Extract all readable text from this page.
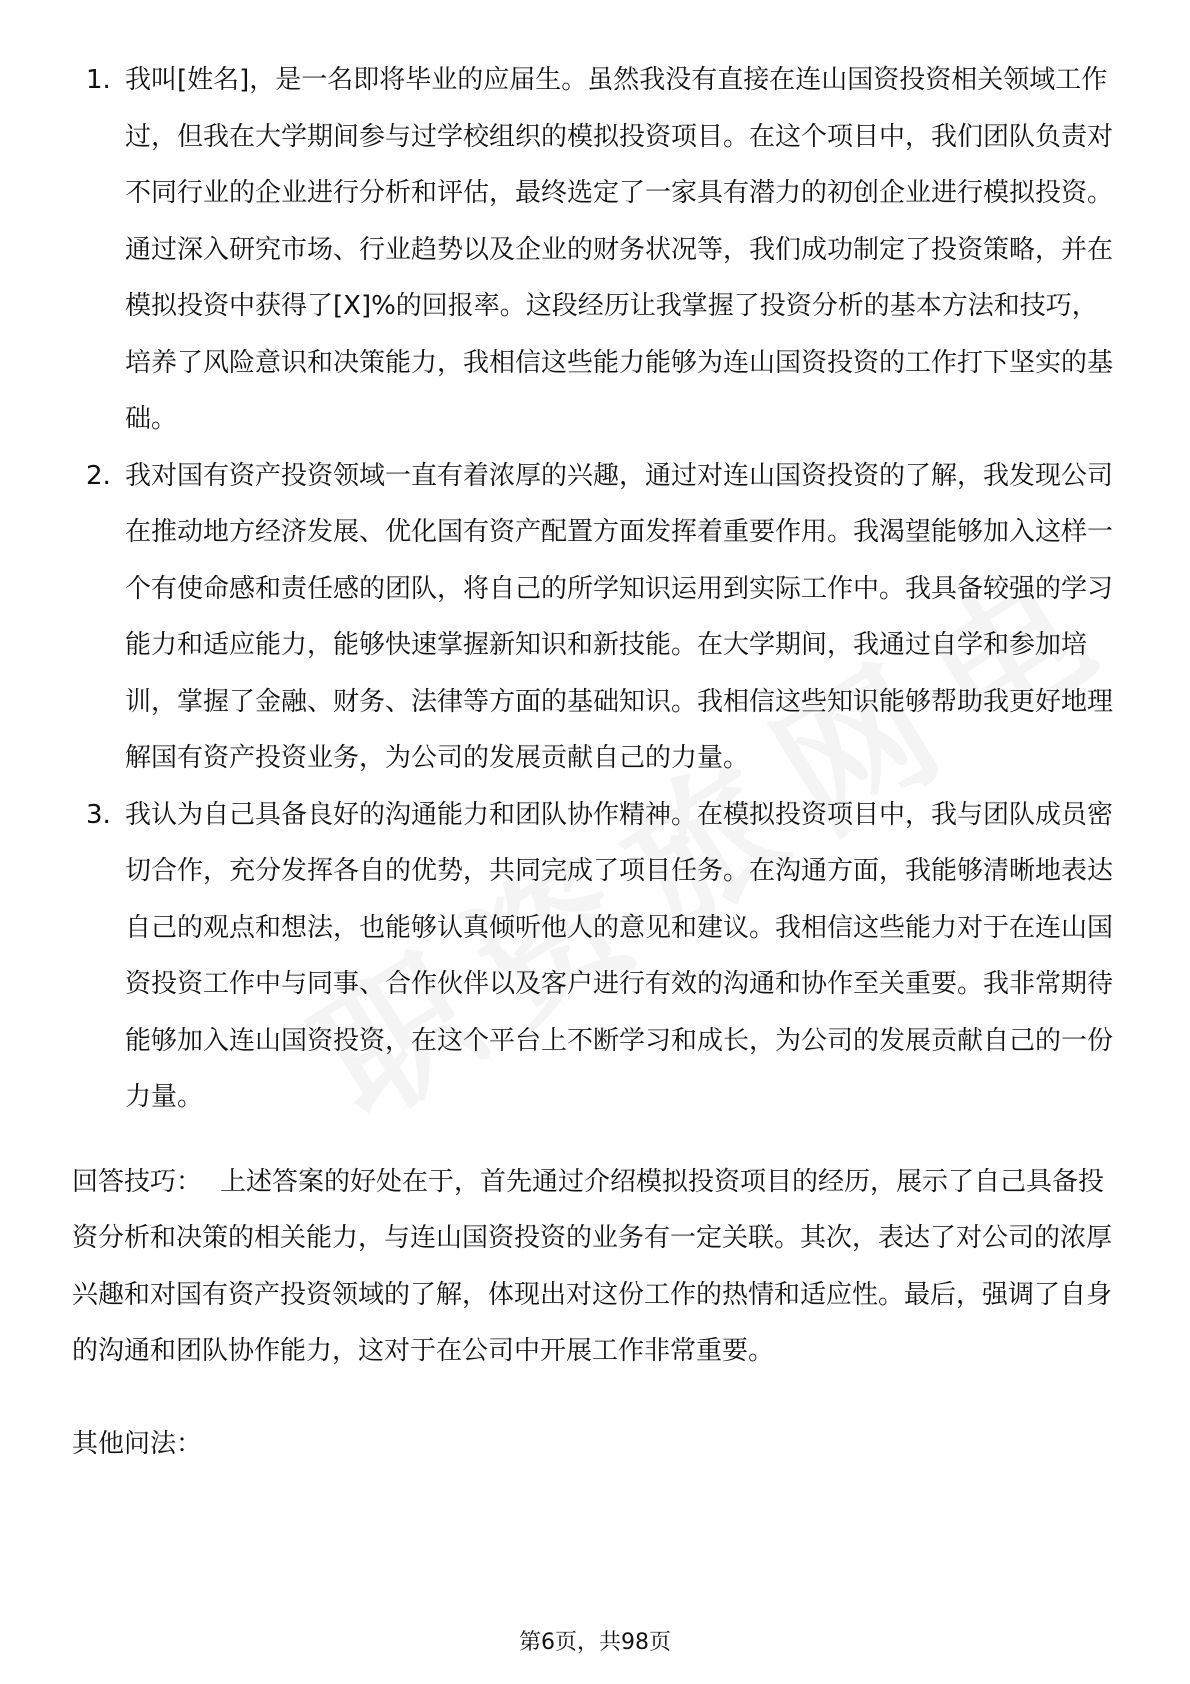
1. 我叫[姓名]，是一名即将毕业的应届生。虽然我没有直接在连山国资投资相关领域工作过，但我在大学期间参与过学校组织的模拟投资项目。在这个项目中，我们团队负责对不同行业的企业进行分析和评估，最终选定了一家具有潜力的初创企业进行模拟投资。通过深入研究市场、行业趋势以及企业的财务状况等，我们成功制定了投资策略，并在模拟投资中获得了[X]%的回报率。这段经历让我掌握了投资分析的基本方法和技巧，培养了风险意识和决策能力，我相信这些能力能够为连山国资投资的工作打下坚实的基础。
2. 我对国有资产投资领域一直有着浓厚的兴趣，通过对连山国资投资的了解，我发现公司在推动地方经济发展、优化国有资产配置方面发挥着重要作用。我渴望能够加入这样一个有使命感和责任感的团队，将自己的所学知识运用到实际工作中。我具备较强的学习能力和适应能力，能够快速掌握新知识和新技能。在大学期间，我通过自学和参加培训，掌握了金融、财务、法律等方面的基础知识。我相信这些知识能够帮助我更好地理解国有资产投资业务，为公司的发展贡献自己的力量。
3. 我认为自己具备良好的沟通能力和团队协作精神。在模拟投资项目中，我与团队成员密切合作，充分发挥各自的优势，共同完成了项目任务。在沟通方面，我能够清晰地表达自己的观点和想法，也能够认真倾听他人的意见和建议。我相信这些能力对于在连山国资投资工作中与同事、合作伙伴以及客户进行有效的沟通和协作至关重要。我非常期待能够加入连山国资投资，在这个平台上不断学习和成长，为公司的发展贡献自己的一份力量。
回答技巧： 上述答案的好处在于，首先通过介绍模拟投资项目的经历，展示了自己具备投资分析和决策的相关能力，与连山国资投资的业务有一定关联。其次，表达了对公司的浓厚兴趣和对国有资产投资领域的了解，体现出对这份工作的热情和适应性。最后，强调了自身的沟通和团队协作能力，这对于在公司中开展工作非常重要。
其他问法：
第6页，共98页
